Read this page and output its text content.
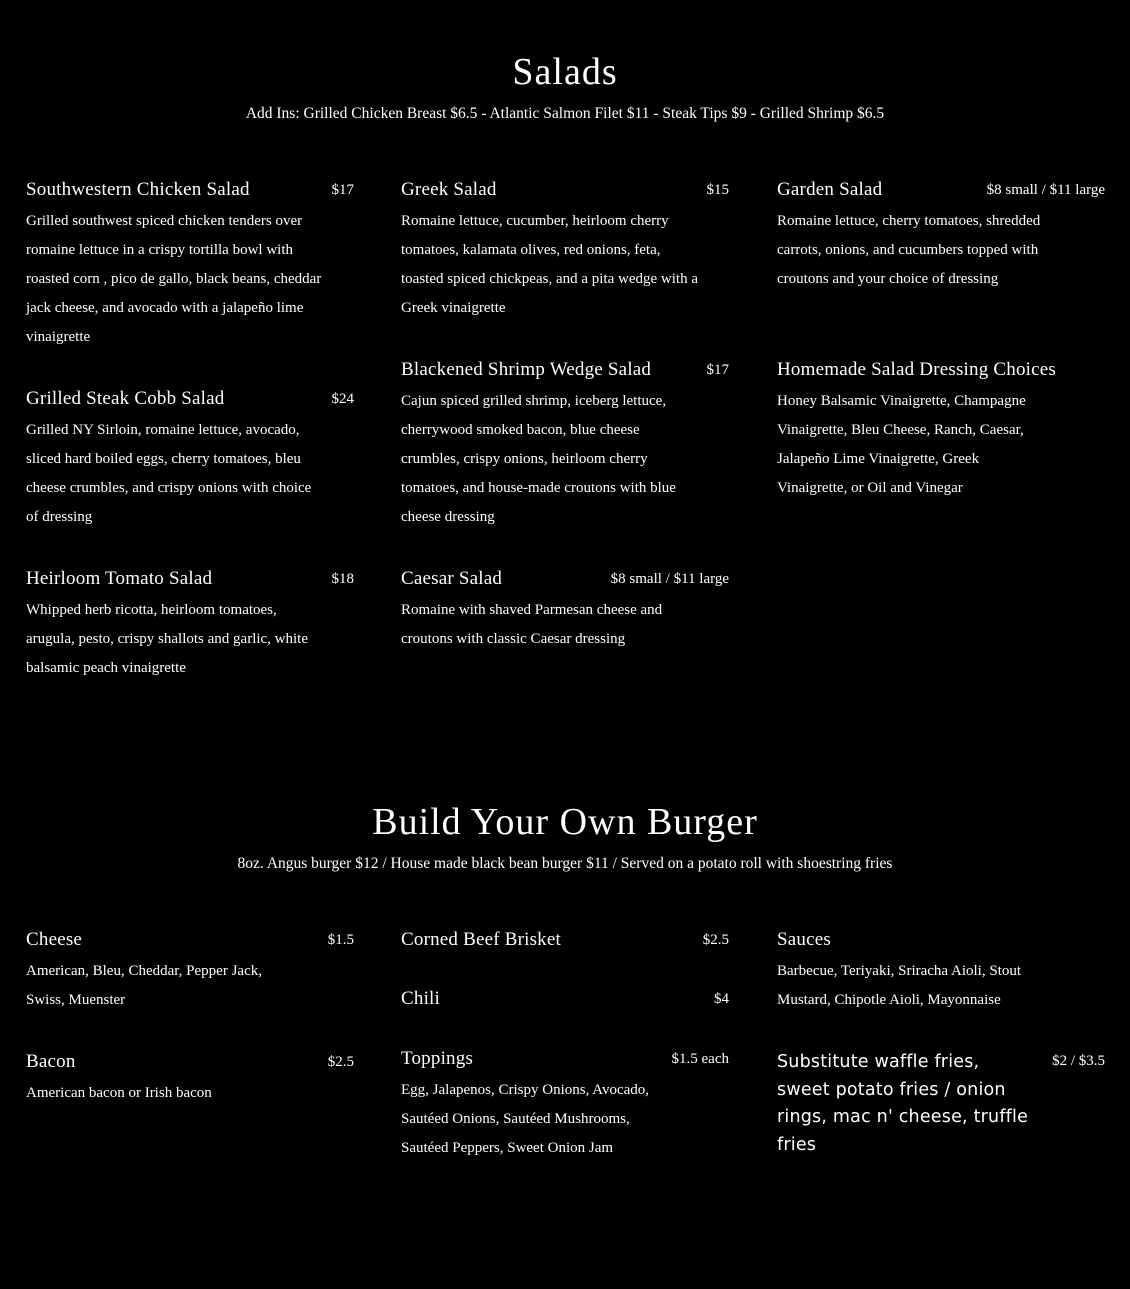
Salads

Add Ins: Grilled Chicken Breast $6.5 - Atlantic Salmon Filet $11 - Steak Tips $9 - Grilled Shrimp $6.5

Southwestern Chicken Salad	$17
Grilled southwest spiced chicken tenders over romaine lettuce in a crispy tortilla bowl with roasted corn , pico de gallo, black beans, cheddar jack cheese, and avocado with a jalapeño lime vinaigrette
Grilled Steak Cobb Salad	$24
Grilled NY Sirloin, romaine lettuce, avocado, sliced hard boiled eggs, cherry tomatoes, bleu cheese crumbles, and crispy onions with choice of dressing
Heirloom Tomato Salad	$18
Whipped herb ricotta, heirloom tomatoes, arugula, pesto, crispy shallots and garlic, white balsamic peach vinaigrette
Greek Salad	$15
Romaine lettuce, cucumber, heirloom cherry tomatoes, kalamata olives, red onions, feta, toasted spiced chickpeas, and a pita wedge with a Greek vinaigrette
Blackened Shrimp Wedge Salad	$17
Cajun spiced grilled shrimp, iceberg lettuce, cherrywood smoked bacon, blue cheese crumbles, crispy onions, heirloom cherry tomatoes, and house-made croutons with blue cheese dressing
Caesar Salad	$8 small / $11 large
Romaine with shaved Parmesan cheese and croutons with classic Caesar dressing
Garden Salad	$8 small / $11 large
Romaine lettuce, cherry tomatoes, shredded carrots, onions, and cucumbers topped with croutons and your choice of dressing
Homemade Salad Dressing Choices
Honey Balsamic Vinaigrette, Champagne Vinaigrette, Bleu Cheese, Ranch, Caesar, Jalapeño Lime Vinaigrette, Greek Vinaigrette, or Oil and Vinegar
Build Your Own Burger

8oz. Angus burger $12 / House made black bean burger $11 / Served on a potato roll with shoestring fries

Cheese	$1.5
American, Bleu, Cheddar, Pepper Jack, Swiss, Muenster
Bacon	$2.5
American bacon or Irish bacon
Corned Beef Brisket	$2.5
Chili	$4
Toppings	$1.5 each
Egg, Jalapenos, Crispy Onions, Avocado, Sautéed Onions, Sautéed Mushrooms, Sautéed Peppers, Sweet Onion Jam
Sauces
Barbecue, Teriyaki, Sriracha Aioli, Stout Mustard, Chipotle Aioli, Mayonnaise
Substitute waffle fries, sweet potato fries / onion rings, mac n' cheese, truffle fries
$2 / $3.5
